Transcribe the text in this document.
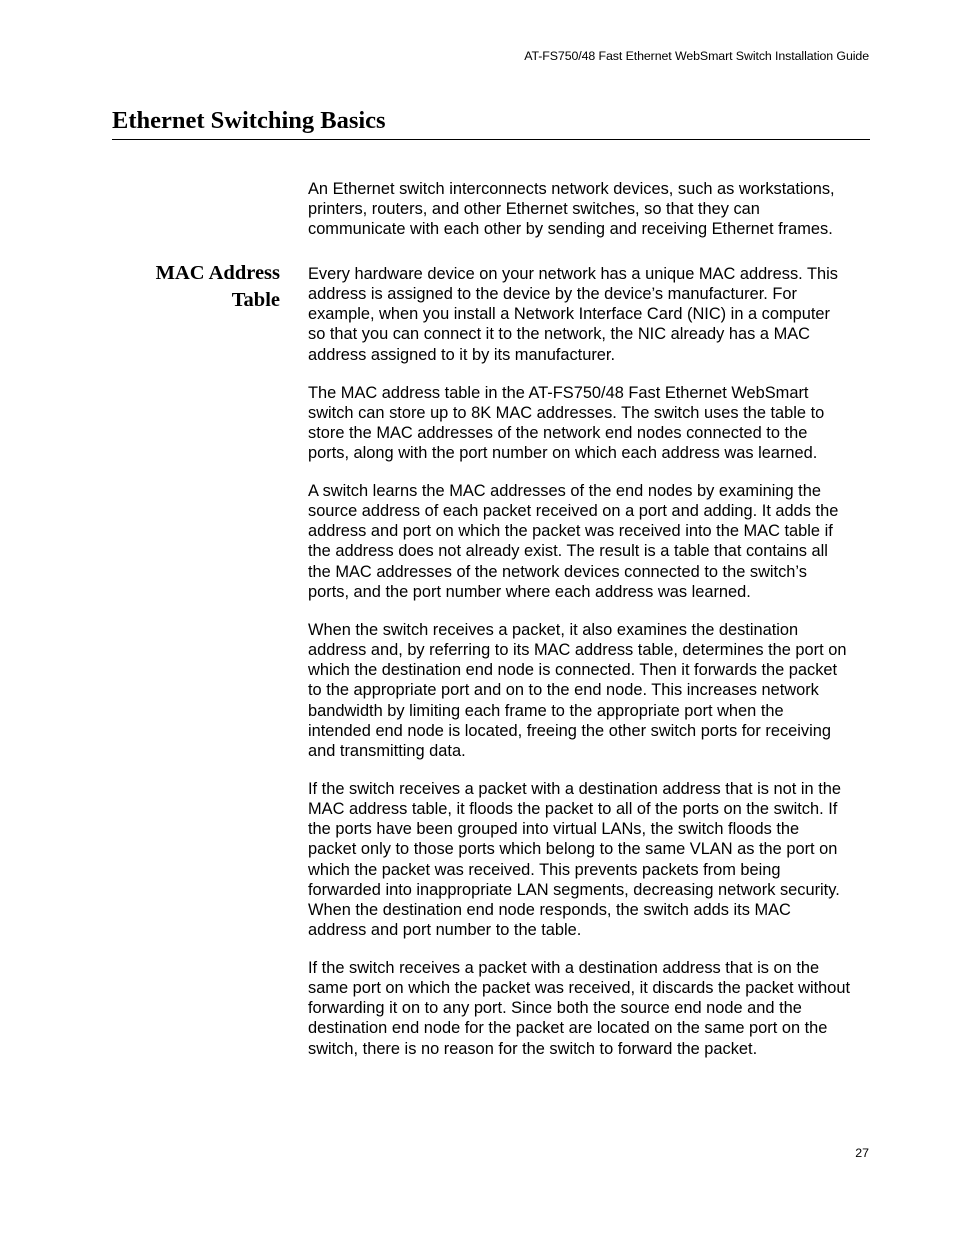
AT-FS750/48 Fast Ethernet WebSmart Switch Installation Guide
Ethernet Switching Basics

An Ethernet switch interconnects network devices, such as workstations,
printers, routers, and other Ethernet switches, so that they can
communicate with each other by sending and receiving Ethernet frames.

MAC Address
Table

Every hardware device on your network has a unique MAC address. This
address is assigned to the device by the device’s manufacturer. For
example, when you install a Network Interface Card (NIC) in a computer
so that you can connect it to the network, the NIC already has a MAC
address assigned to it by its manufacturer.

The MAC address table in the AT-FS750/48 Fast Ethernet WebSmart
switch can store up to 8K MAC addresses. The switch uses the table to
store the MAC addresses of the network end nodes connected to the
ports, along with the port number on which each address was learned.

A switch learns the MAC addresses of the end nodes by examining the
source address of each packet received on a port and adding. It adds the
address and port on which the packet was received into the MAC table if
the address does not already exist. The result is a table that contains all
the MAC addresses of the network devices connected to the switch’s
ports, and the port number where each address was learned.

When the switch receives a packet, it also examines the destination
address and, by referring to its MAC address table, determines the port on
which the destination end node is connected. Then it forwards the packet
to the appropriate port and on to the end node. This increases network
bandwidth by limiting each frame to the appropriate port when the
intended end node is located, freeing the other switch ports for receiving
and transmitting data.

If the switch receives a packet with a destination address that is not in the
MAC address table, it floods the packet to all of the ports on the switch. If
the ports have been grouped into virtual LANs, the switch floods the
packet only to those ports which belong to the same VLAN as the port on
which the packet was received. This prevents packets from being
forwarded into inappropriate LAN segments, decreasing network security.
When the destination end node responds, the switch adds its MAC
address and port number to the table.

If the switch receives a packet with a destination address that is on the
same port on which the packet was received, it discards the packet without
forwarding it on to any port. Since both the source end node and the
destination end node for the packet are located on the same port on the
switch, there is no reason for the switch to forward the packet.

27
